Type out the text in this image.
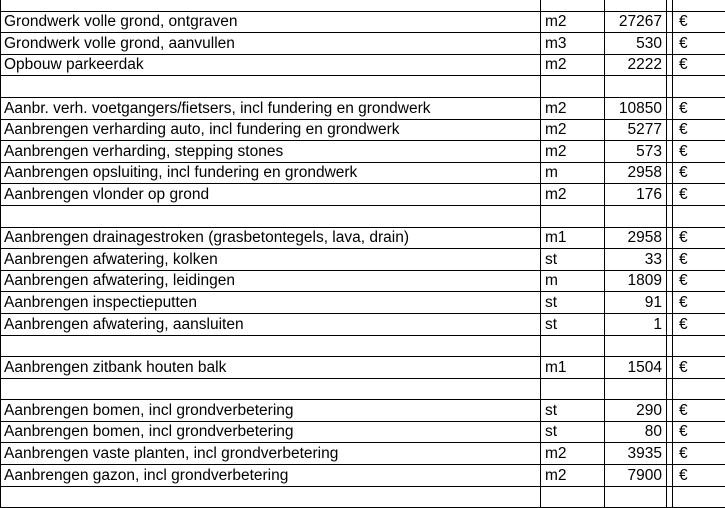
Grondwerk volle grond, ontgraven	m2	27267		€
Grondwerk volle grond, aanvullen	m3	530		€
Opbouw parkeerdak	m2	2222		€

Aanbr. verh. voetgangers/fietsers, incl fundering en grondwerk	m2	10850		€
Aanbrengen verharding auto, incl fundering en grondwerk	m2	5277		€
Aanbrengen verharding, stepping stones	m2	573		€
Aanbrengen opsluiting, incl fundering en grondwerk	m	2958		€
Aanbrengen vlonder op grond	m2	176		€

Aanbrengen drainagestroken (grasbetontegels, lava, drain)	m1	2958		€
Aanbrengen afwatering, kolken	st	33		€
Aanbrengen afwatering, leidingen	m	1809		€
Aanbrengen inspectieputten	st	91		€
Aanbrengen afwatering, aansluiten	st	1		€

Aanbrengen zitbank houten balk	m1	1504		€

Aanbrengen bomen, incl grondverbetering	st	290		€
Aanbrengen bomen, incl grondverbetering	st	80		€
Aanbrengen vaste planten, incl grondverbetering	m2	3935		€
Aanbrengen gazon, incl grondverbetering	m2	7900		€
